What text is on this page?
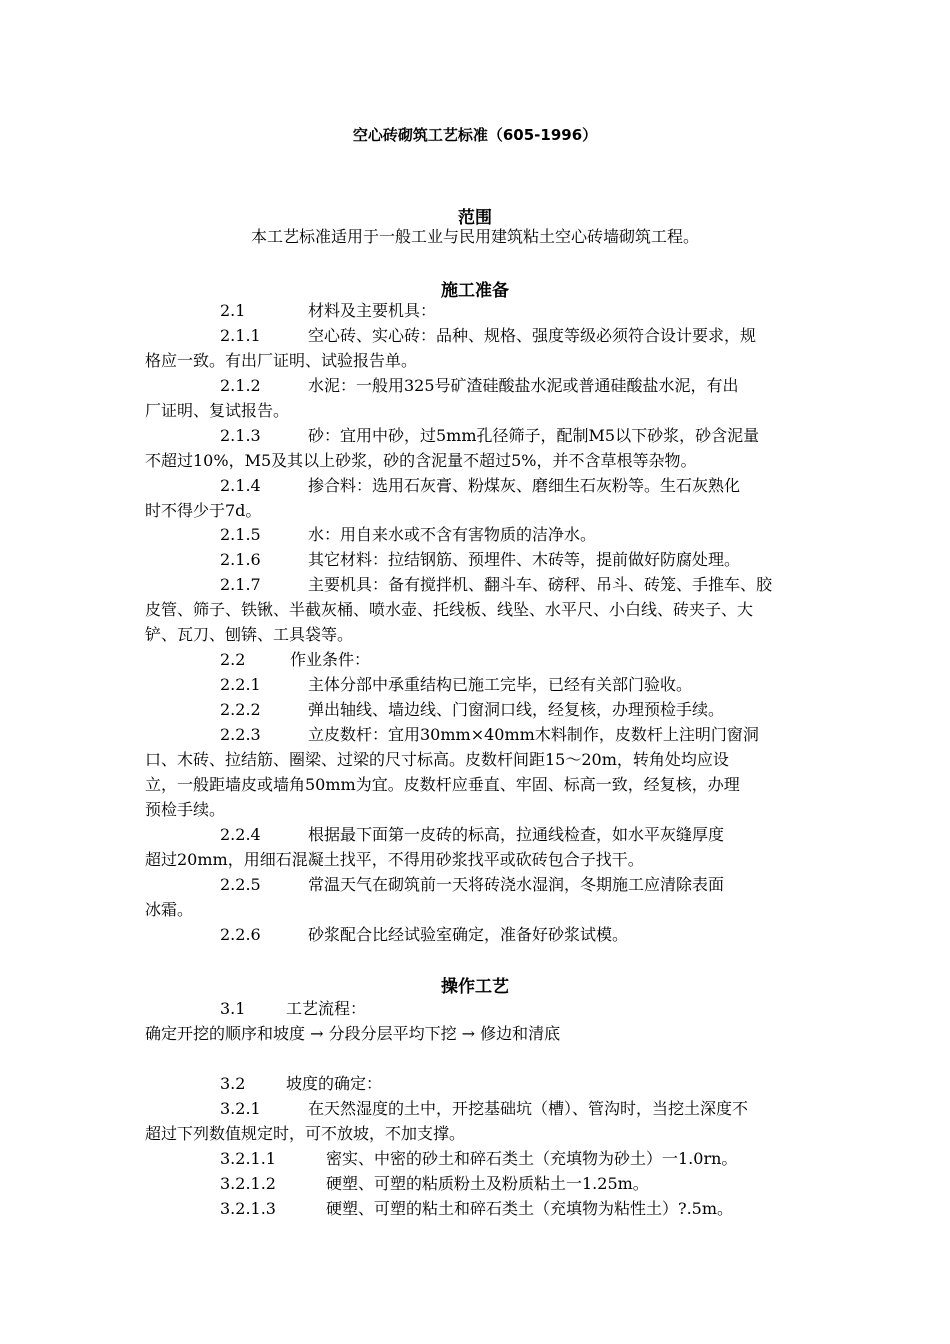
空心砖砌筑工艺标准（605-1996）
范围
本工艺标准适用于一般工业与民用建筑粘土空心砖墙砌筑工程。
施工准备
2.1	材料及主要机具：
2.1.1	空心砖、实心砖：品种、规格、强度等级必须符合设计要求，规
格应一致。有出厂证明、试验报告单。
2.1.2	水泥：一般用325号矿渣硅酸盐水泥或普通硅酸盐水泥，有出
厂证明、复试报告。
2.1.3	砂：宜用中砂，过5mm孔径筛子，配制M5以下砂浆，砂含泥量
不超过10%，M5及其以上砂浆，砂的含泥量不超过5%，并不含草根等杂物。
2.1.4	掺合料：选用石灰膏、粉煤灰、磨细生石灰粉等。生石灰熟化
时不得少于7d。
2.1.5	水：用自来水或不含有害物质的洁净水。
2.1.6	其它材料：拉结钢筋、预埋件、木砖等，提前做好防腐处理。
2.1.7	主要机具：备有搅拌机、翻斗车、磅秤、吊斗、砖笼、手推车、胶
皮管、筛子、铁锹、半截灰桶、喷水壶、托线板、线坠、水平尺、小白线、砖夹子、大
铲、瓦刀、刨锛、工具袋等。
2.2	作业条件：
2.2.1	主体分部中承重结构已施工完毕，已经有关部门验收。
2.2.2	弹出轴线、墙边线、门窗洞口线，经复核，办理预检手续。
2.2.3	立皮数杆：宜用30mm×40mm木料制作，皮数杆上注明门窗洞
口、木砖、拉结筋、圈梁、过梁的尺寸标高。皮数杆间距15～20m，转角处均应设
立，一般距墙皮或墙角50mm为宜。皮数杆应垂直、牢固、标高一致，经复核，办理
预检手续。
2.2.4	根据最下面第一皮砖的标高，拉通线检查，如水平灰缝厚度
超过20mm，用细石混凝土找平，不得用砂浆找平或砍砖包合子找干。
2.2.5	常温天气在砌筑前一天将砖浇水湿润，冬期施工应清除表面
冰霜。
2.2.6	砂浆配合比经试验室确定，准备好砂浆试模。
操作工艺
3.1	工艺流程：
确定开挖的顺序和坡度 → 分段分层平均下挖 → 修边和清底
3.2	坡度的确定：
3.2.1	在天然湿度的土中，开挖基础坑（槽）、管沟时，当挖土深度不
超过下列数值规定时，可不放坡，不加支撑。
3.2.1.1	密实、中密的砂土和碎石类土（充填物为砂土）一1.0rn。
3.2.1.2	硬塑、可塑的粘质粉土及粉质粘土一1.25m。
3.2.1.3	硬塑、可塑的粘土和碎石类土（充填物为粘性土）?.5m。
